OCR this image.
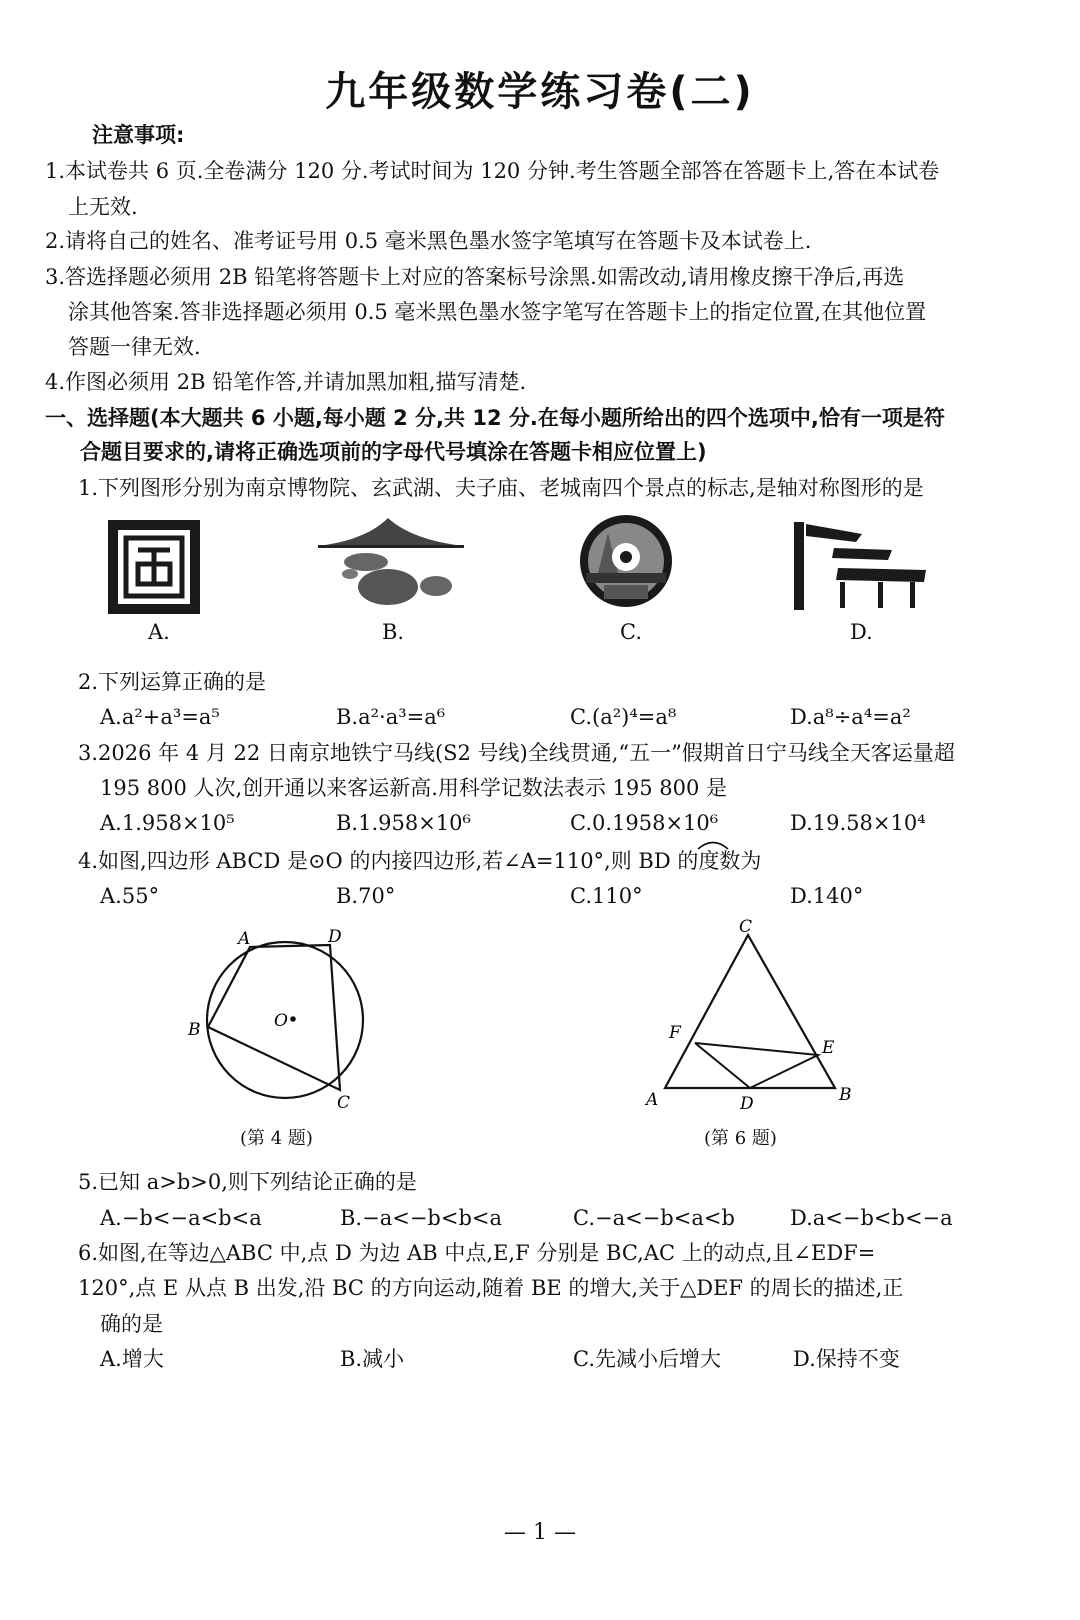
九年级数学练习卷(二)
注意事项:
1.本试卷共 6 页.全卷满分 120 分.考试时间为 120 分钟.考生答题全部答在答题卡上,答在本试卷
上无效.
2.请将自己的姓名、准考证号用 0.5 毫米黑色墨水签字笔填写在答题卡及本试卷上.
3.答选择题必须用 2B 铅笔将答题卡上对应的答案标号涂黑.如需改动,请用橡皮擦干净后,再选
涂其他答案.答非选择题必须用 0.5 毫米黑色墨水签字笔写在答题卡上的指定位置,在其他位置
答题一律无效.
4.作图必须用 2B 铅笔作答,并请加黑加粗,描写清楚.
一、选择题(本大题共 6 小题,每小题 2 分,共 12 分.在每小题所给出的四个选项中,恰有一项是符
合题目要求的,请将正确选项前的字母代号填涂在答题卡相应位置上)
1.下列图形分别为南京博物院、玄武湖、夫子庙、老城南四个景点的标志,是轴对称图形的是
A.	B.	C.	D.
2.下列运算正确的是
A.a²+a³=a⁵	B.a²·a³=a⁶	C.(a²)⁴=a⁸	D.a⁸÷a⁴=a²
3.2026 年 4 月 22 日南京地铁宁马线(S2 号线)全线贯通,“五一”假期首日宁马线全天客运量超
195 800 人次,创开通以来客运新高.用科学记数法表示 195 800 是
A.1.958×10⁵	B.1.958×10⁶	C.0.1958×10⁶	D.19.58×10⁴
4.如图,四边形 ABCD 是⊙O 的内接四边形,若∠A=110°,则 BD 的度数为
A.55°	B.70°	C.110°	D.140°
A	D
B	O
C
(第 4 题)
C
F
E
A	D	B
(第 6 题)
5.已知 a>b>0,则下列结论正确的是
A.−b<−a<b<a	B.−a<−b<b<a	C.−a<−b<a<b	D.a<−b<b<−a
6.如图,在等边△ABC 中,点 D 为边 AB 中点,E,F 分别是 BC,AC 上的动点,且∠EDF=
120°,点 E 从点 B 出发,沿 BC 的方向运动,随着 BE 的增大,关于△DEF 的周长的描述,正
确的是
A.增大	B.减小	C.先减小后增大	D.保持不变
— 1 —
